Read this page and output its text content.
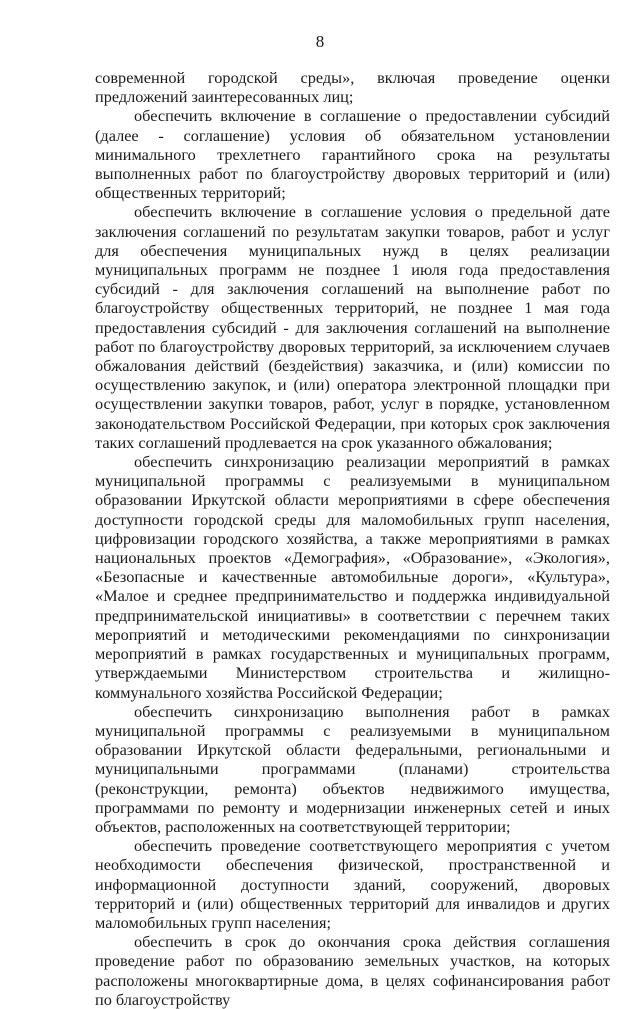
8

современной городской среды», включая проведение оценки предложений заинтересованных лиц;

обеспечить включение в соглашение о предоставлении субсидий (далее - соглашение) условия об обязательном установлении минимального трехлетнего гарантийного срока на результаты выполненных работ по благоустройству дворовых территорий и (или) общественных территорий;

обеспечить включение в соглашение условия о предельной дате заключения соглашений по результатам закупки товаров, работ и услуг для обеспечения муниципальных нужд в целях реализации муниципальных программ не позднее 1 июля года предоставления субсидий - для заключения соглашений на выполнение работ по благоустройству общественных территорий, не позднее 1 мая года предоставления субсидий - для заключения соглашений на выполнение работ по благоустройству дворовых территорий, за исключением случаев обжалования действий (бездействия) заказчика, и (или) комиссии по осуществлению закупок, и (или) оператора электронной площадки при осуществлении закупки товаров, работ, услуг в порядке, установленном законодательством Российской Федерации, при которых срок заключения таких соглашений продлевается на срок указанного обжалования;

обеспечить синхронизацию реализации мероприятий в рамках муниципальной программы с реализуемыми в муниципальном образовании Иркутской области мероприятиями в сфере обеспечения доступности городской среды для маломобильных групп населения, цифровизации городского хозяйства, а также мероприятиями в рамках национальных проектов «Демография», «Образование», «Экология», «Безопасные и качественные автомобильные дороги», «Культура», «Малое и среднее предпринимательство и поддержка индивидуальной предпринимательской инициативы» в соответствии с перечнем таких мероприятий и методическими рекомендациями по синхронизации мероприятий в рамках государственных и муниципальных программ, утверждаемыми Министерством строительства и жилищно-коммунального хозяйства Российской Федерации;

обеспечить синхронизацию выполнения работ в рамках муниципальной программы с реализуемыми в муниципальном образовании Иркутской области федеральными, региональными и муниципальными программами (планами) строительства (реконструкции, ремонта) объектов недвижимого имущества, программами по ремонту и модернизации инженерных сетей и иных объектов, расположенных на соответствующей территории;

обеспечить проведение соответствующего мероприятия с учетом необходимости обеспечения физической, пространственной и информационной доступности зданий, сооружений, дворовых территорий и (или) общественных территорий для инвалидов и других маломобильных групп населения;

обеспечить в срок до окончания срока действия соглашения проведение работ по образованию земельных участков, на которых расположены многоквартирные дома, в целях софинансирования работ по благоустройству
